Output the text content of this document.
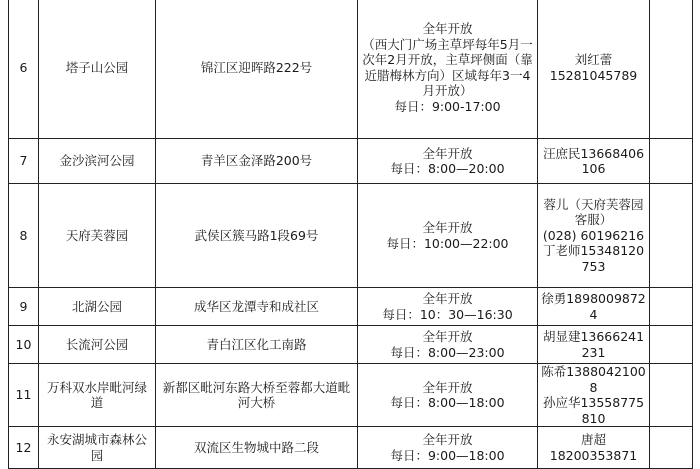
6	塔子山公园	锦江区迎晖路222号	全年开放
（西大门广场主草坪每年5月一次年2月开放，主草坪侧面（靠近腊梅林方向）区域每年3一4月开放）
每日：9:00-17:00	刘红蕾
15281045789	

7	金沙滨河公园	青羊区金泽路200号	全年开放
每日：8:00—20:00	汪庶民13668406106	

8	天府芙蓉园	武侯区簇马路1段69号	全年开放
每日：10:00—22:00	蓉儿（天府芙蓉园客服）
(028) 60196216
丁老师15348120753	

9	北湖公园	成华区龙潭寺和成社区	全年开放
每日：10：30—16:30	徐勇18980098724	

10	长流河公园	青白江区化工南路	全年开放
每日：8:00—23:00	胡显建13666241231	

11	万科双水岸毗河绿道	新都区毗河东路大桥至蓉都大道毗河大桥	全年开放
每日：8:00—18:00	陈希13880421008
孙应华13558775810	

12	永安湖城市森林公园	双流区生物城中路二段	全年开放
每日：9:00—18:00	唐超
18200353871	
